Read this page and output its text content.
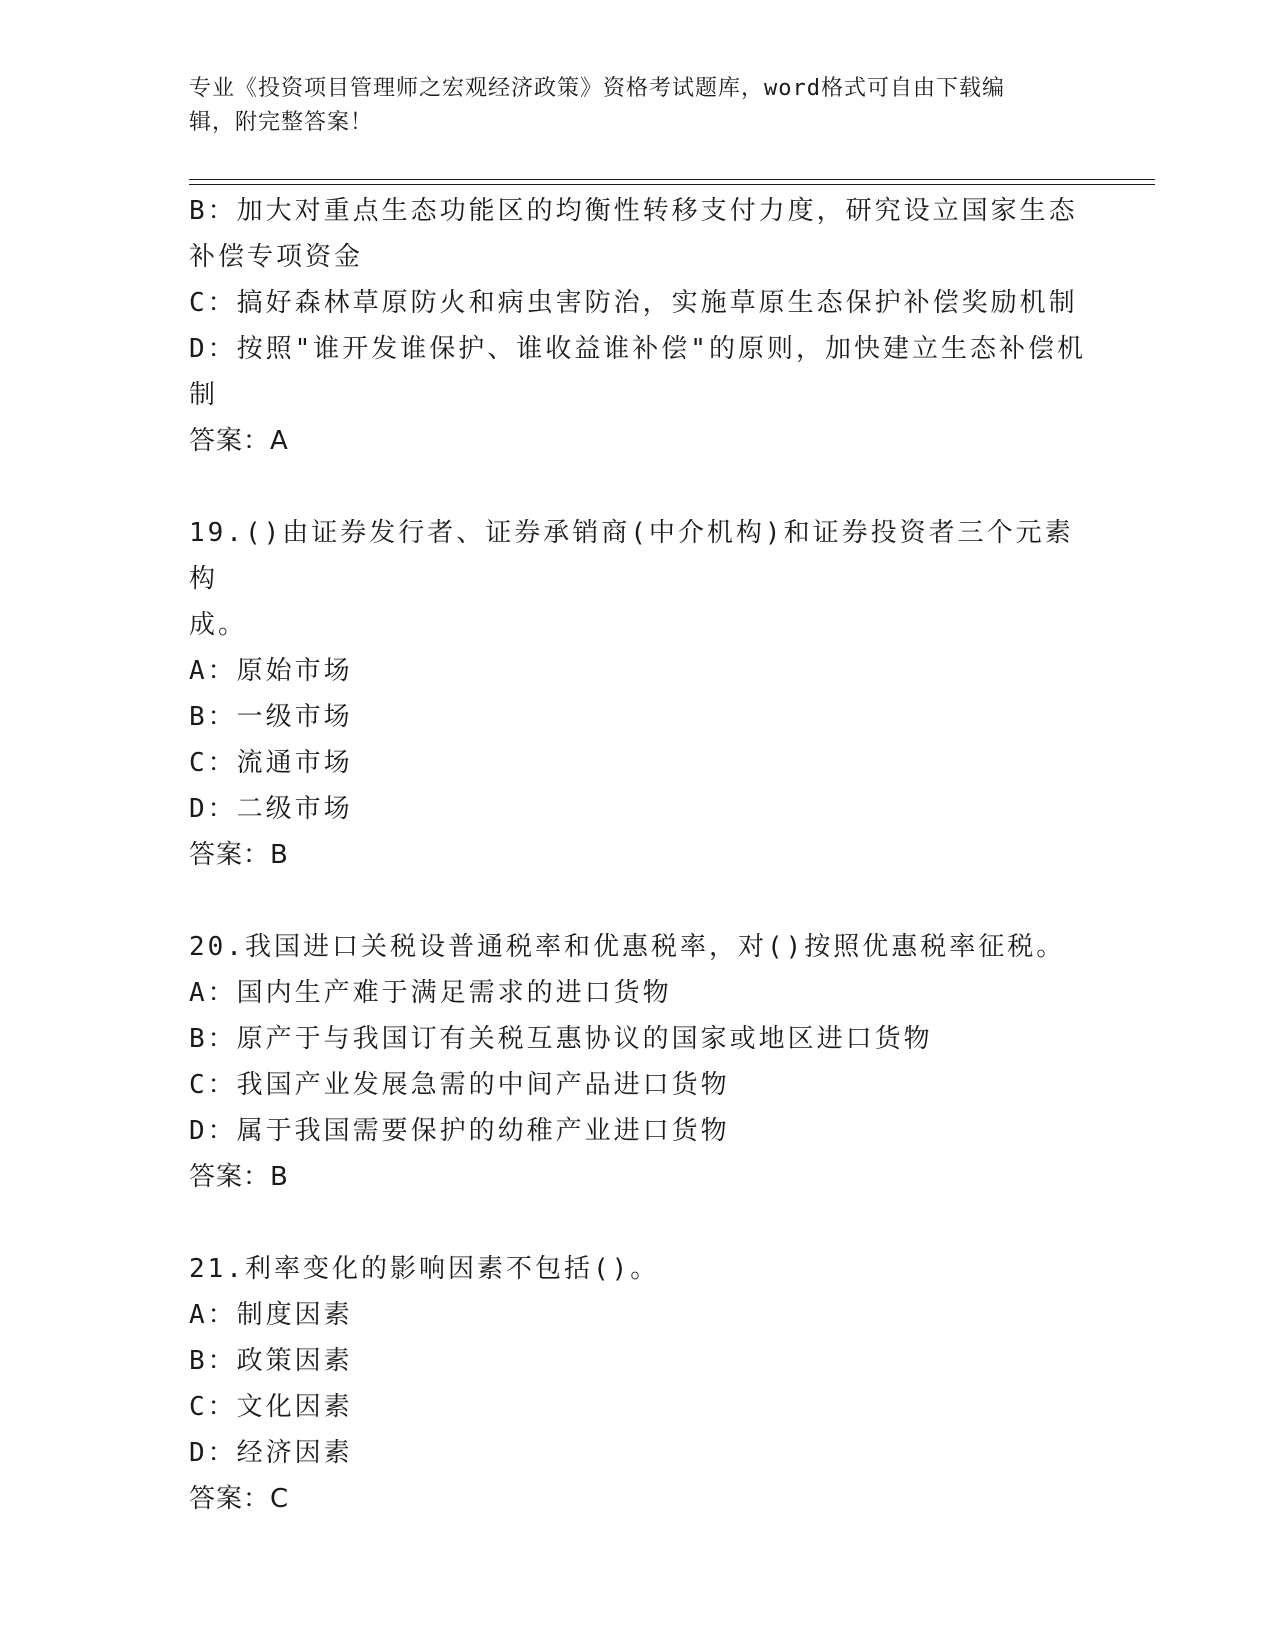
专业《投资项目管理师之宏观经济政策》资格考试题库，word格式可自由下载编
辑，附完整答案！

B：加大对重点生态功能区的均衡性转移支付力度，研究设立国家生态

补偿专项资金

C：搞好森林草原防火和病虫害防治，实施草原生态保护补偿奖励机制

D：按照"谁开发谁保护、谁收益谁补偿"的原则，加快建立生态补偿机

制

答案：A

19.()由证券发行者、证券承销商(中介机构)和证券投资者三个元素构

成。

A：原始市场

B：一级市场

C：流通市场

D：二级市场

答案：B

20.我国进口关税设普通税率和优惠税率，对()按照优惠税率征税。

A：国内生产难于满足需求的进口货物

B：原产于与我国订有关税互惠协议的国家或地区进口货物

C：我国产业发展急需的中间产品进口货物

D：属于我国需要保护的幼稚产业进口货物

答案：B

21.利率变化的影响因素不包括()。

A：制度因素

B：政策因素

C：文化因素

D：经济因素

答案：C
